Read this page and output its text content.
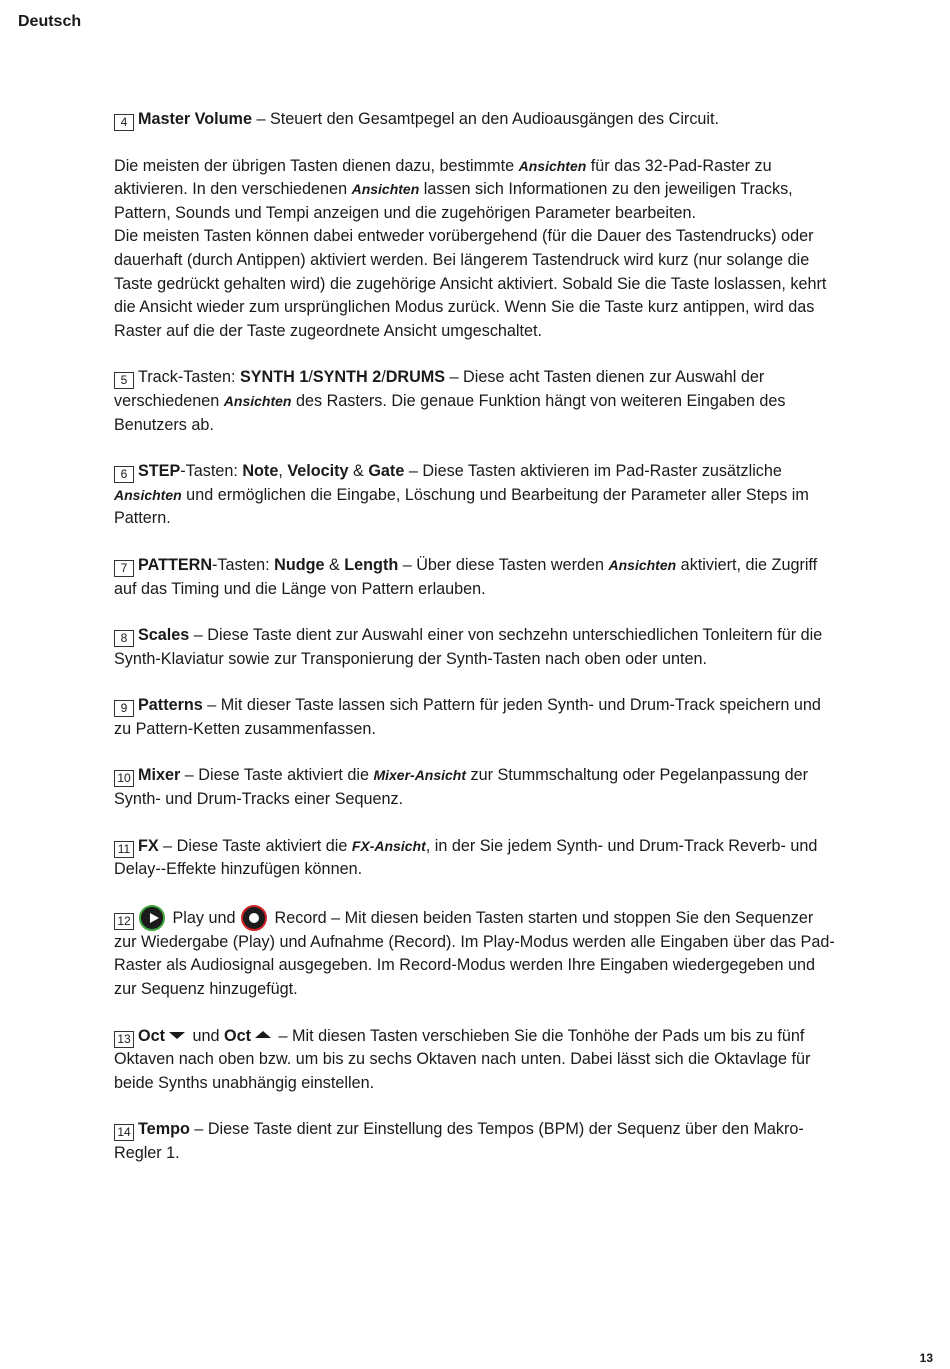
Deutsch

4 Master Volume – Steuert den Gesamtpegel an den Audioausgängen des Circuit.

Die meisten der übrigen Tasten dienen dazu, bestimmte Ansichten für das 32-Pad-Raster zu aktivieren. In den verschiedenen Ansichten lassen sich Informationen zu den jeweiligen Tracks, Pattern, Sounds und Tempi anzeigen und die zugehörigen Parameter bearbeiten.

Die meisten Tasten können dabei entweder vorübergehend (für die Dauer des Tastendrucks) oder dauerhaft (durch Antippen) aktiviert werden. Bei längerem Tastendruck wird kurz (nur solange die Taste gedrückt gehalten wird) die zugehörige Ansicht aktiviert. Sobald Sie die Taste loslassen, kehrt die Ansicht wieder zum ursprünglichen Modus zurück. Wenn Sie die Taste kurz antippen, wird das Raster auf die der Taste zugeordnete Ansicht umgeschaltet.

5 Track-Tasten: SYNTH 1/SYNTH 2/DRUMS – Diese acht Tasten dienen zur Auswahl der verschiedenen Ansichten des Rasters. Die genaue Funktion hängt von weiteren Eingaben des Benutzers ab.

6 STEP-Tasten: Note, Velocity & Gate – Diese Tasten aktivieren im Pad-Raster zusätzliche Ansichten und ermöglichen die Eingabe, Löschung und Bearbeitung der Parameter aller Steps im Pattern.

7 PATTERN-Tasten: Nudge & Length – Über diese Tasten werden Ansichten aktiviert, die Zugriff auf das Timing und die Länge von Pattern erlauben.

8 Scales – Diese Taste dient zur Auswahl einer von sechzehn unterschiedlichen Tonleitern für die Synth-Klaviatur sowie zur Transponierung der Synth-Tasten nach oben oder unten.

9 Patterns – Mit dieser Taste lassen sich Pattern für jeden Synth- und Drum-Track speichern und zu Pattern-Ketten zusammenfassen.

10 Mixer – Diese Taste aktiviert die Mixer-Ansicht zur Stummschaltung oder Pegelanpassung der Synth- und Drum-Tracks einer Sequenz.

11 FX – Diese Taste aktiviert die FX-Ansicht, in der Sie jedem Synth- und Drum-Track Reverb- und Delay--Effekte hinzufügen können.

12 Play und  Record – Mit diesen beiden Tasten starten und stoppen Sie den Sequenzer zur Wiedergabe (Play) und Aufnahme (Record). Im Play-Modus werden alle Eingaben über das Pad-Raster als Audiosignal ausgegeben. Im Record-Modus werden Ihre Eingaben wiedergegeben und zur Sequenz hinzugefügt.

13 Oct und Oct – Mit diesen Tasten verschieben Sie die Tonhöhe der Pads um bis zu fünf Oktaven nach oben bzw. um bis zu sechs Oktaven nach unten. Dabei lässt sich die Oktavlage für beide Synths unabhängig einstellen.

14 Tempo – Diese Taste dient zur Einstellung des Tempos (BPM) der Sequenz über den Makro-Regler 1.

13
